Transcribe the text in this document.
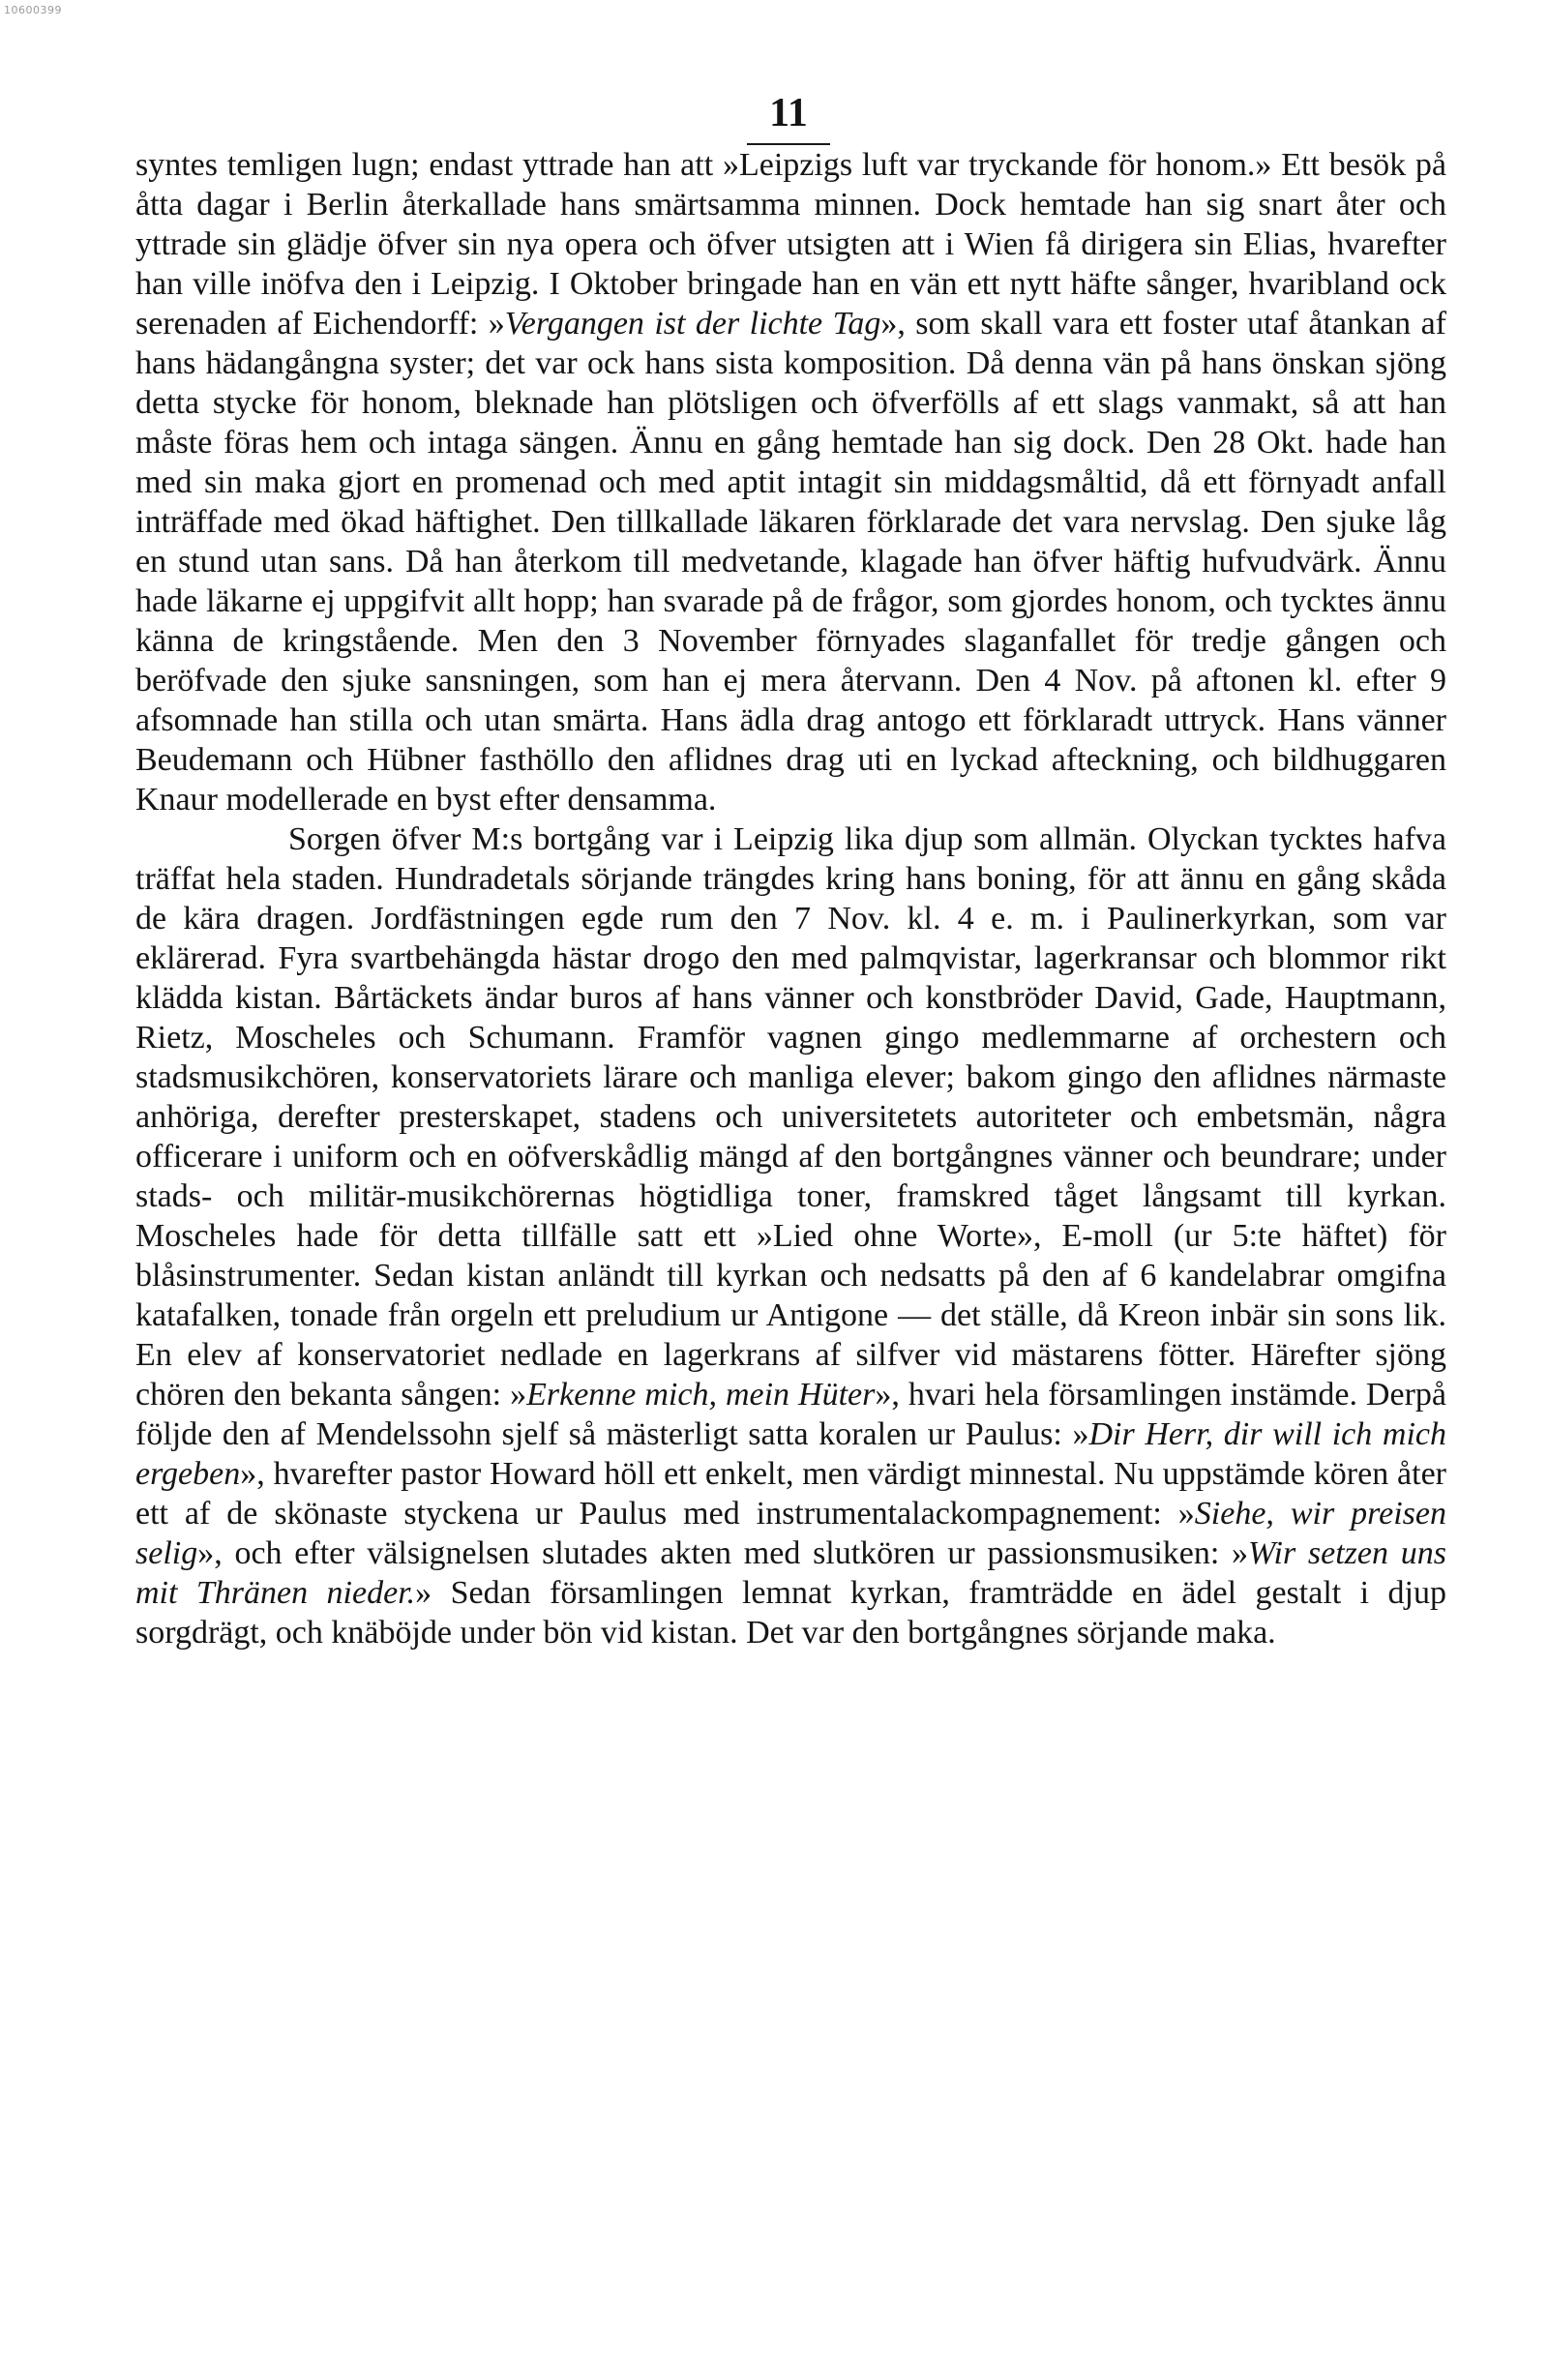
10600399
11

syntes temligen lugn; endast yttrade han att »Leipzigs luft var tryckande för honom.» Ett besök på åtta dagar i Berlin återkallade hans smärtsamma minnen. Dock hemtade han sig snart åter och yttrade sin glädje öfver sin nya opera och öfver utsigten att i Wien få dirigera sin Elias, hvarefter han ville inöfva den i Leipzig. I Oktober bringade han en vän ett nytt häfte sånger, hvaribland ock serenaden af Eichendorff: »Vergangen ist der lichte Tag», som skall vara ett foster utaf åtankan af hans hädangångna syster; det var ock hans sista komposition. Då denna vän på hans önskan sjöng detta stycke för honom, bleknade han plötsligen och öfverfölls af ett slags vanmakt, så att han måste föras hem och intaga sängen. Ännu en gång hemtade han sig dock. Den 28 Okt. hade han med sin maka gjort en promenad och med aptit intagit sin middagsmåltid, då ett förnyadt anfall inträffade med ökad häftighet. Den tillkallade läkaren förklarade det vara nervslag. Den sjuke låg en stund utan sans. Då han återkom till medvetande, klagade han öfver häftig hufvudvärk. Ännu hade läkarne ej uppgifvit allt hopp; han svarade på de frågor, som gjordes honom, och tycktes ännu känna de kringstående. Men den 3 November förnyades slaganfallet för tredje gången och beröfvade den sjuke sansningen, som han ej mera återvann. Den 4 Nov. på aftonen kl. efter 9 afsomnade han stilla och utan smärta. Hans ädla drag antogo ett förklaradt uttryck. Hans vänner Beudemann och Hübner fasthöllo den aflidnes drag uti en lyckad afteckning, och bildhuggaren Knaur modellerade en byst efter densamma.

Sorgen öfver M:s bortgång var i Leipzig lika djup som allmän. Olyckan tycktes hafva träffat hela staden. Hundradetals sörjande trängdes kring hans boning, för att ännu en gång skåda de kära dragen. Jordfästningen egde rum den 7 Nov. kl. 4 e. m. i Paulinerkyrkan, som var eklärerad. Fyra svartbehängda hästar drogo den med palmqvistar, lagerkransar och blommor rikt klädda kistan. Bårtäckets ändar buros af hans vänner och konstbröder David, Gade, Hauptmann, Rietz, Moscheles och Schumann. Framför vagnen gingo medlemmarne af orchestern och stadsmusikchören, konservatoriets lärare och manliga elever; bakom gingo den aflidnes närmaste anhöriga, derefter presterskapet, stadens och universitetets autoriteter och embetsmän, några officerare i uniform och en oöfverskådlig mängd af den bortgångnes vänner och beundrare; under stads- och militär-musikchörernas högtidliga toner, framskred tåget långsamt till kyrkan. Moscheles hade för detta tillfälle satt ett »Lied ohne Worte», E-moll (ur 5:te häftet) för blåsinstrumenter. Sedan kistan anländt till kyrkan och nedsatts på den af 6 kandelabrar omgifna katafalken, tonade från orgeln ett preludium ur Antigone — det ställe, då Kreon inbär sin sons lik. En elev af konservatoriet nedlade en lagerkrans af silfver vid mästarens fötter. Härefter sjöng chören den bekanta sången: »Erkenne mich, mein Hüter», hvari hela församlingen instämde. Derpå följde den af Mendelssohn sjelf så mästerligt satta koralen ur Paulus: »Dir Herr, dir will ich mich ergeben», hvarefter pastor Howard höll ett enkelt, men värdigt minnestal. Nu uppstämde kören åter ett af de skönaste styckena ur Paulus med instrumentalackompagnement: »Siehe, wir preisen selig», och efter välsignelsen slutades akten med slutkören ur passionsmusiken: »Wir setzen uns mit Thränen nieder.» Sedan församlingen lemnat kyrkan, framträdde en ädel gestalt i djup sorgdrägt, och knäböjde under bön vid kistan. Det var den bortgångnes sörjande maka.
